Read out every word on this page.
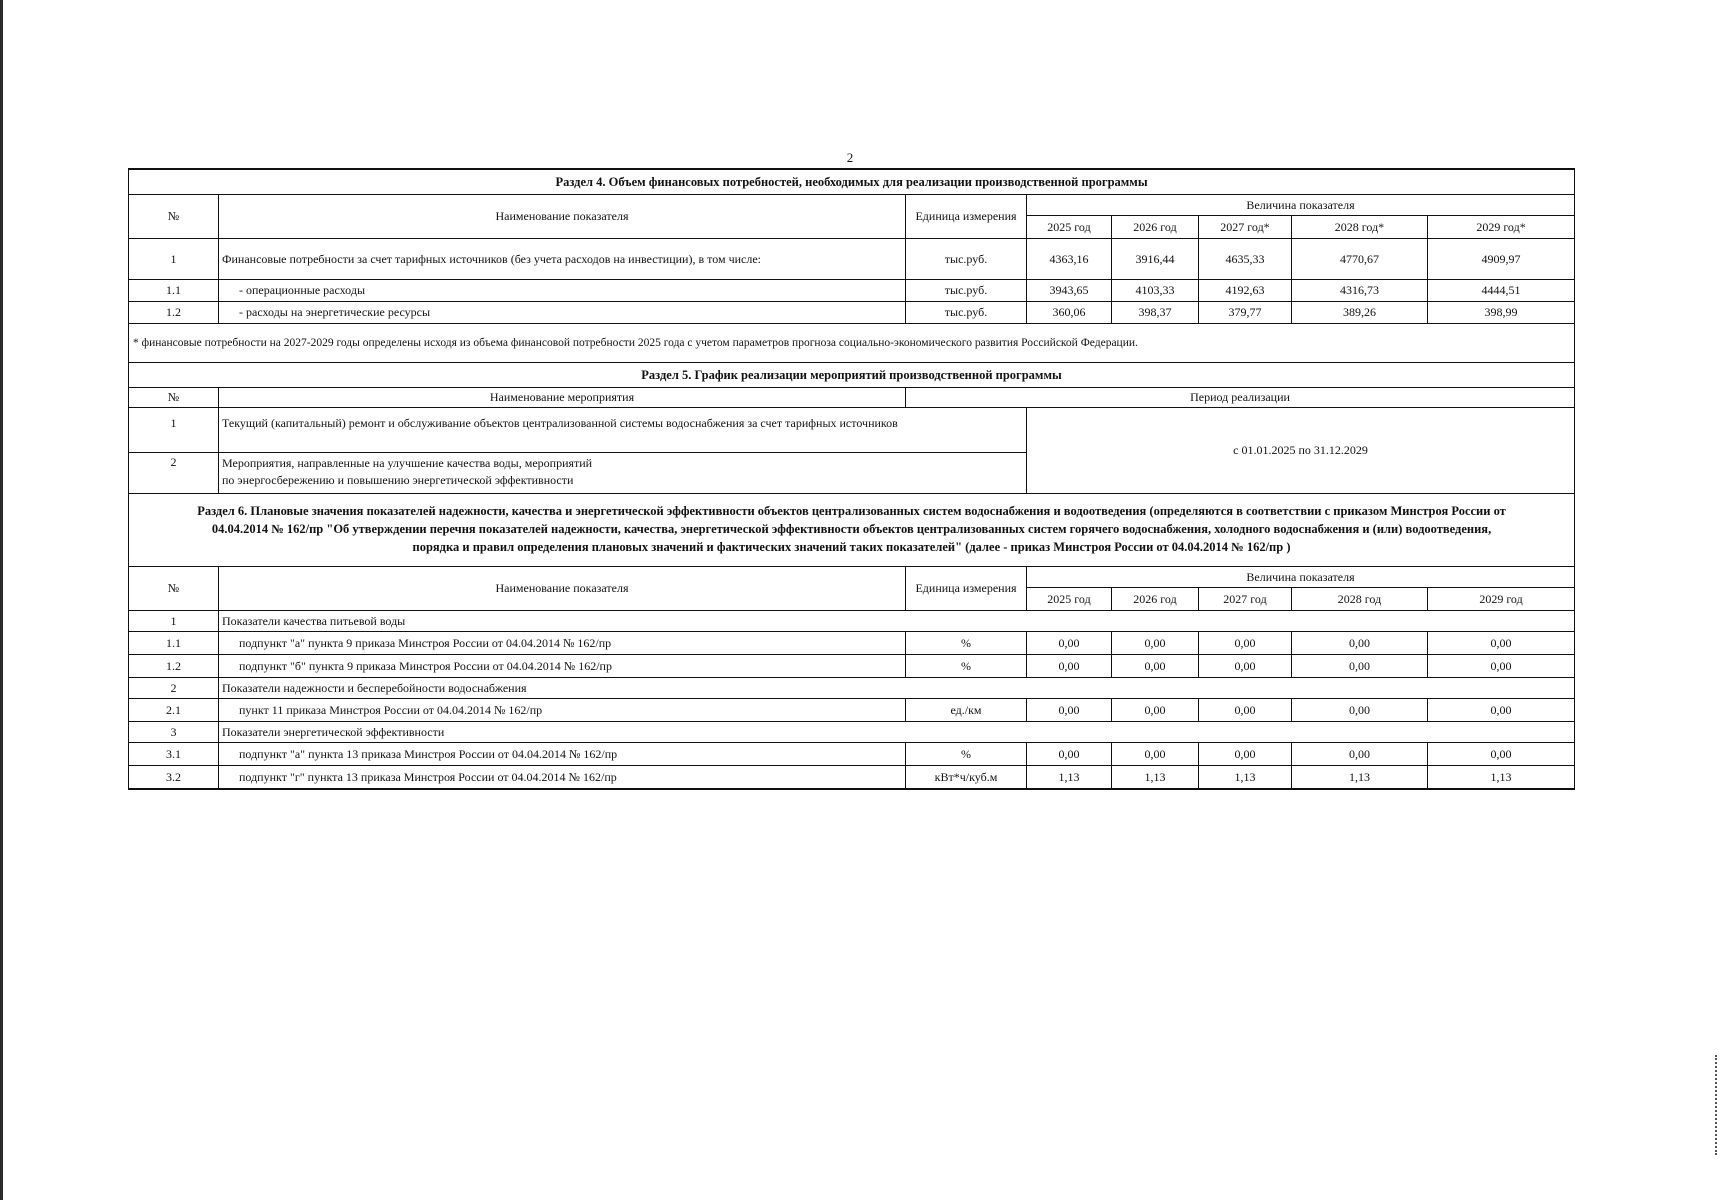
2
Раздел 4. Объем финансовых потребностей, необходимых для реализации производственной программы							
№	Наименование показателя	Единица измерения	Величина показателя				
			2025 год	2026 год	2027 год*	2028 год*	2029 год*
1	Финансовые потребности за счет тарифных источников (без учета расходов на инвестиции), в том числе:	тыс.руб.	4363,16	3916,44	4635,33	4770,67	4909,97
1.1	- операционные расходы	тыс.руб.	3943,65	4103,33	4192,63	4316,73	4444,51
1.2	- расходы на энергетические ресурсы	тыс.руб.	360,06	398,37	379,77	389,26	398,99
* финансовые потребности на 2027-2029 годы определены исходя из объема финансовой потребности 2025 года с учетом параметров прогноза социально-экономического развития Российской Федерации.							
Раздел 5. График реализации мероприятий производственной программы							
№	Наименование мероприятия	Период реализации					
1	Текущий (капитальный) ремонт и обслуживание объектов централизованной системы водоснабжения за счет тарифных источников		с 01.01.2025 по 31.12.2029				
2	Мероприятия, направленные на улучшение качества воды, мероприятий
по энергосбережению и повышению энергетической эффективности						

Раздел 6. Плановые значения показателей надежности, качества и энергетической эффективности объектов централизованных систем водоснабжения и водоотведения (определяются в соответствии с приказом Минстроя России от
04.04.2014 № 162/пр "Об утверждении перечня показателей надежности, качества, энергетической эффективности объектов централизованных систем горячего водоснабжения, холодного водоснабжения и (или) водоотведения,
порядка и правил определения плановых значений и фактических значений таких показателей" (далее - приказ Минстроя России от 04.04.2014 № 162/пр )							

№	Наименование показателя	Единица измерения	Величина показателя				
			2025 год	2026 год	2027 год	2028 год	2029 год
1	Показатели качества питьевой воды						
1.1	подпункт "а" пункта 9 приказа Минстроя России от 04.04.2014 № 162/пр	%	0,00	0,00	0,00	0,00	0,00
1.2	подпункт "б" пункта 9 приказа Минстроя России от 04.04.2014 № 162/пр	%	0,00	0,00	0,00	0,00	0,00
2	Показатели надежности и бесперебойности водоснабжения						
2.1	пункт 11 приказа Минстроя России от 04.04.2014 № 162/пр	ед./км	0,00	0,00	0,00	0,00	0,00
3	Показатели энергетической эффективности						
3.1	подпункт "а" пункта 13 приказа Минстроя России от 04.04.2014 № 162/пр	%	0,00	0,00	0,00	0,00	0,00
3.2	подпункт "г" пункта 13 приказа Минстроя России от 04.04.2014 № 162/пр	кВт*ч/куб.м	1,13	1,13	1,13	1,13	1,13
